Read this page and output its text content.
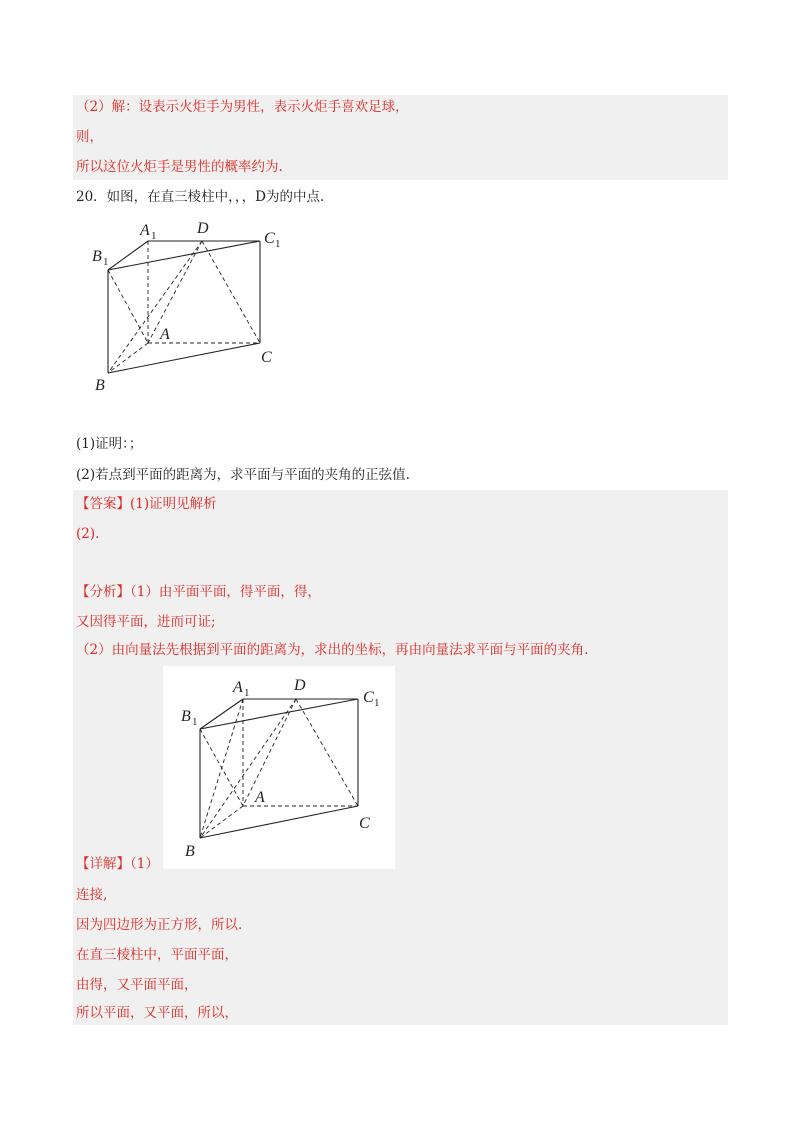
（2）解：设表示火炬手为男性，表示火炬手喜欢足球，
则，
所以这位火炬手是男性的概率约为.
20．如图，在直三棱柱中，，，D为的中点.
A 1	D
C 1
B 1
A
C
B
(1)证明：；
(2)若点到平面的距离为，求平面与平面的夹角的正弦值.
【答案】(1)证明见解析
(2).
【分析】（1）由平面平面，得平面，得，
又因得平面，进而可证;
（2）由向量法先根据到平面的距离为，求出的坐标，再由向量法求平面与平面的夹角.
A 1	D
C 1
B 1
A
C
B
【详解】（1）
连接,
因为四边形为正方形，所以.
在直三棱柱中，平面平面，
由得，又平面平面，
所以平面，又平面，所以，
